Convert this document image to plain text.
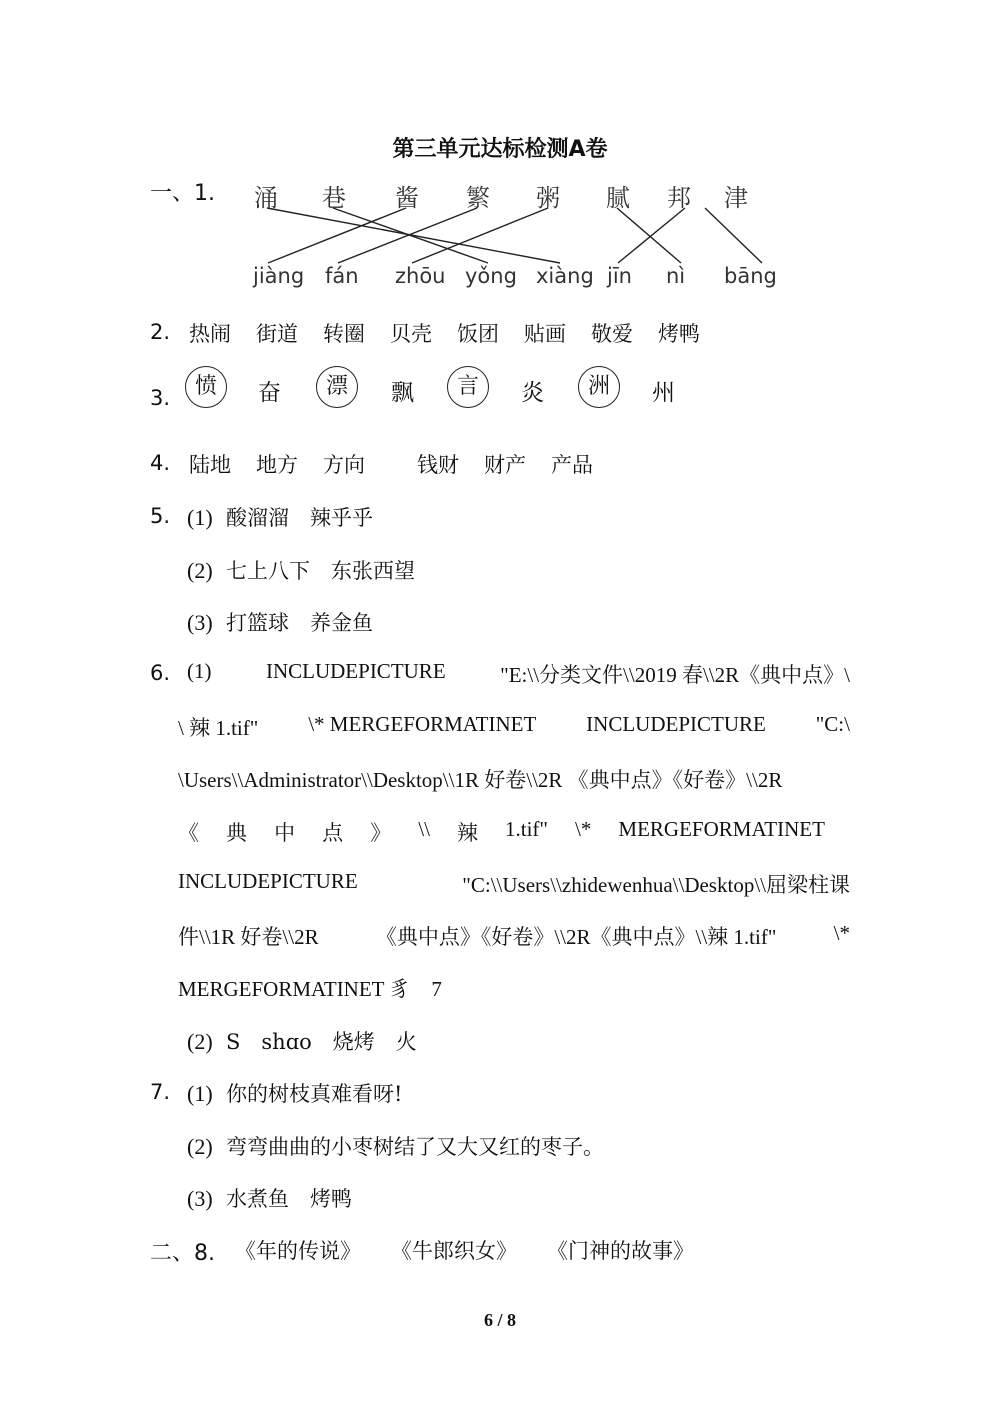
第三单元达标检测A卷
一、1. 涌 巷 酱 繁 粥 腻 邦 津
jiàng fán zhōu yǒng xiàng jīn nì bāng
2. 热闹 街道 转圈 贝壳 饭团 贴画 敬爱 烤鸭
3.	愤	奋	漂	飘	言	炎	洲	州
4. 陆地 地方 方向 钱财 财产 产品
5. (1) 酸溜溜　辣乎乎
(2) 七上八下　东张西望
(3) 打篮球　养金鱼
6. (1)	INCLUDEPICTURE	"E:\\分类文件\\2019 春\\2R《典中点》\
\ 辣 1.tif" \* MERGEFORMATINET INCLUDEPICTURE "C:\
\Users\\Administrator\\Desktop\\1R 好卷\\2R 《典中点》《好卷》\\2R
《 典 中 点 》 \\ 辣 1.tif" \* MERGEFORMATINET
INCLUDEPICTURE	"C:\\Users\\zhidewenhua\\Desktop\\屈梁柱课
件\\1R 好卷\\2R	《典中点》《好卷》\\2R《典中点》\\辣 1.tif"	\*
MERGEFORMATINET 豸　7
(2) S　shɑo　烧烤　火
7. (1) 你的树枝真难看呀!
(2) 弯弯曲曲的小枣树结了又大又红的枣子。
(3) 水煮鱼　烤鸭
二、8. 《年的传说》 《牛郎织女》 《门神的故事》
6 / 8
